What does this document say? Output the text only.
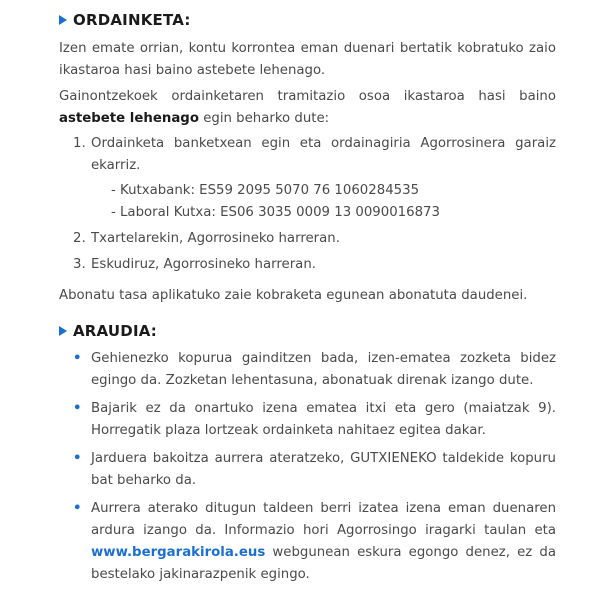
ORDAINKETA:

Izen emate orrian, kontu korrontea eman duenari bertatik kobratuko zaio ikastaroa hasi baino astebete lehenago.

Gainontzekoek ordainketaren tramitazio osoa ikastaroa hasi baino astebete lehenago egin beharko dute:

1. Ordainketa banketxean egin eta ordainagiria Agorrosinera garaiz ekarriz.
- Kutxabank: ES59 2095 5070 76 1060284535
- Laboral Kutxa: ES06 3035 0009 13 0090016873
2. Txartelarekin, Agorrosineko harreran.
3. Eskudiruz, Agorrosineko harreran.

Abonatu tasa aplikatuko zaie kobraketa egunean abonatuta daudenei.

ARAUDIA:
• Gehienezko kopurua gainditzen bada, izen-ematea zozketa bidez egingo da. Zozketan lehentasuna, abonatuak direnak izango dute.
• Bajarik ez da onartuko izena ematea itxi eta gero (maiatzak 9). Horregatik plaza lortzeak ordainketa nahitaez egitea dakar.
• Jarduera bakoitza aurrera ateratzeko, GUTXIENEKO taldekide kopuru bat beharko da.
• Aurrera aterako ditugun taldeen berri izatea izena eman duenaren ardura izango da. Informazio hori Agorrosingo iragarki taulan eta www.bergarakirola.eus webgunean eskura egongo denez, ez da bestelako jakinarazpenik egingo.
